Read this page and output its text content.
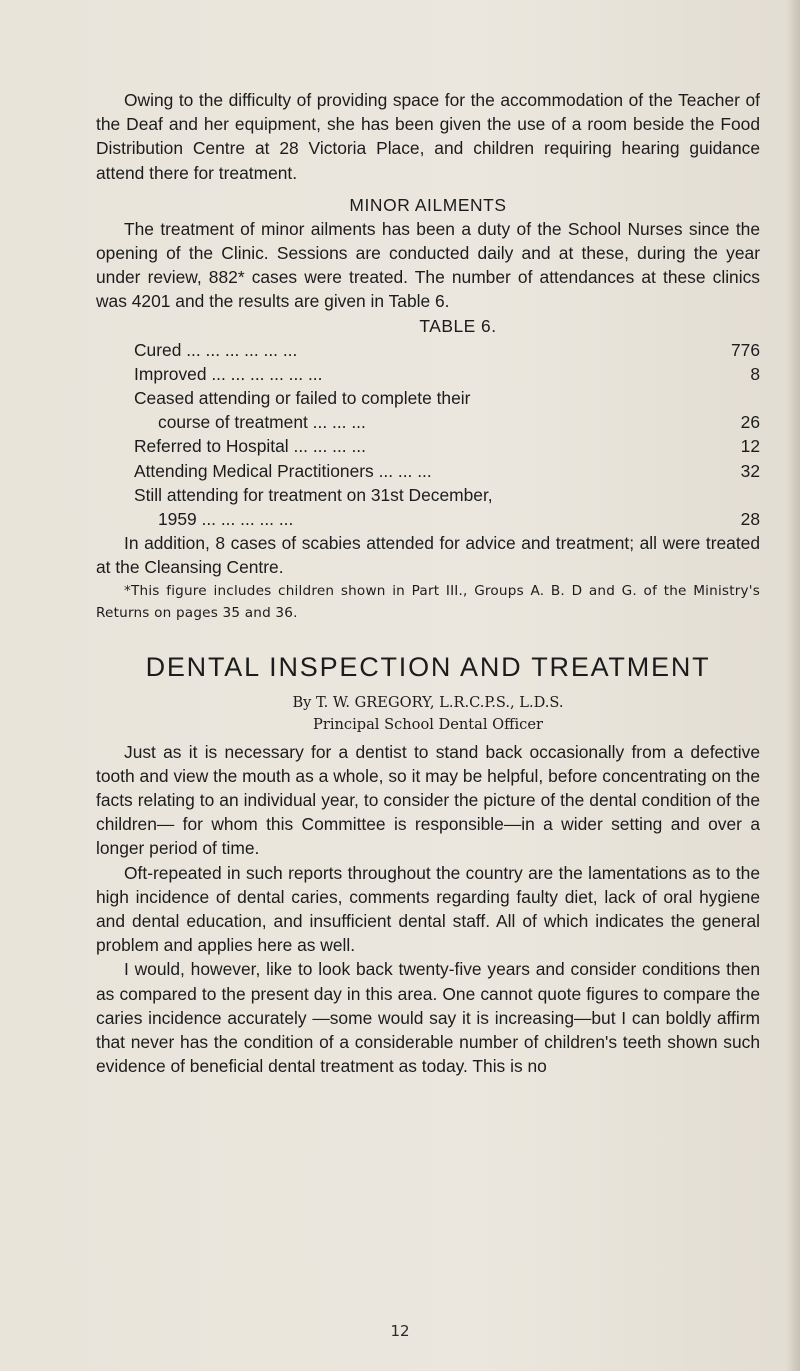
Owing to the difficulty of providing space for the accommodation of the Teacher of the Deaf and her equipment, she has been given the use of a room beside the Food Distribution Centre at 28 Victoria Place, and children requiring hearing guidance attend there for treatment.

MINOR AILMENTS

The treatment of minor ailments has been a duty of the School Nurses since the opening of the Clinic. Sessions are conducted daily and at these, during the year under review, 882* cases were treated. The number of attendances at these clinics was 4201 and the results are given in Table 6.

TABLE 6.
Cured ... ... ... ... ... ...	776
Improved ... ... ... ... ... ...	8
Ceased attending or failed to complete their
course of treatment ... ... ...	26
Referred to Hospital ... ... ... ...	12
Attending Medical Practitioners ... ... ...	32
Still attending for treatment on 31st December,
1959 ... ... ... ... ...	28

In addition, 8 cases of scabies attended for advice and treatment; all were treated at the Cleansing Centre.

*This figure includes children shown in Part III., Groups A. B. D and G. of the Ministry's Returns on pages 35 and 36.

DENTAL INSPECTION AND TREATMENT
By T. W. GREGORY, L.R.C.P.S., L.D.S.
Principal School Dental Officer

Just as it is necessary for a dentist to stand back occasionally from a defective tooth and view the mouth as a whole, so it may be helpful, before concentrating on the facts relating to an individual year, to consider the picture of the dental condition of the children— for whom this Committee is responsible—in a wider setting and over a longer period of time.

Oft-repeated in such reports throughout the country are the lamentations as to the high incidence of dental caries, comments regarding faulty diet, lack of oral hygiene and dental education, and insufficient dental staff. All of which indicates the general problem and applies here as well.

I would, however, like to look back twenty-five years and consider conditions then as compared to the present day in this area. One cannot quote figures to compare the caries incidence accurately —some would say it is increasing—but I can boldly affirm that never has the condition of a considerable number of children's teeth shown such evidence of beneficial dental treatment as today. This is no

12
